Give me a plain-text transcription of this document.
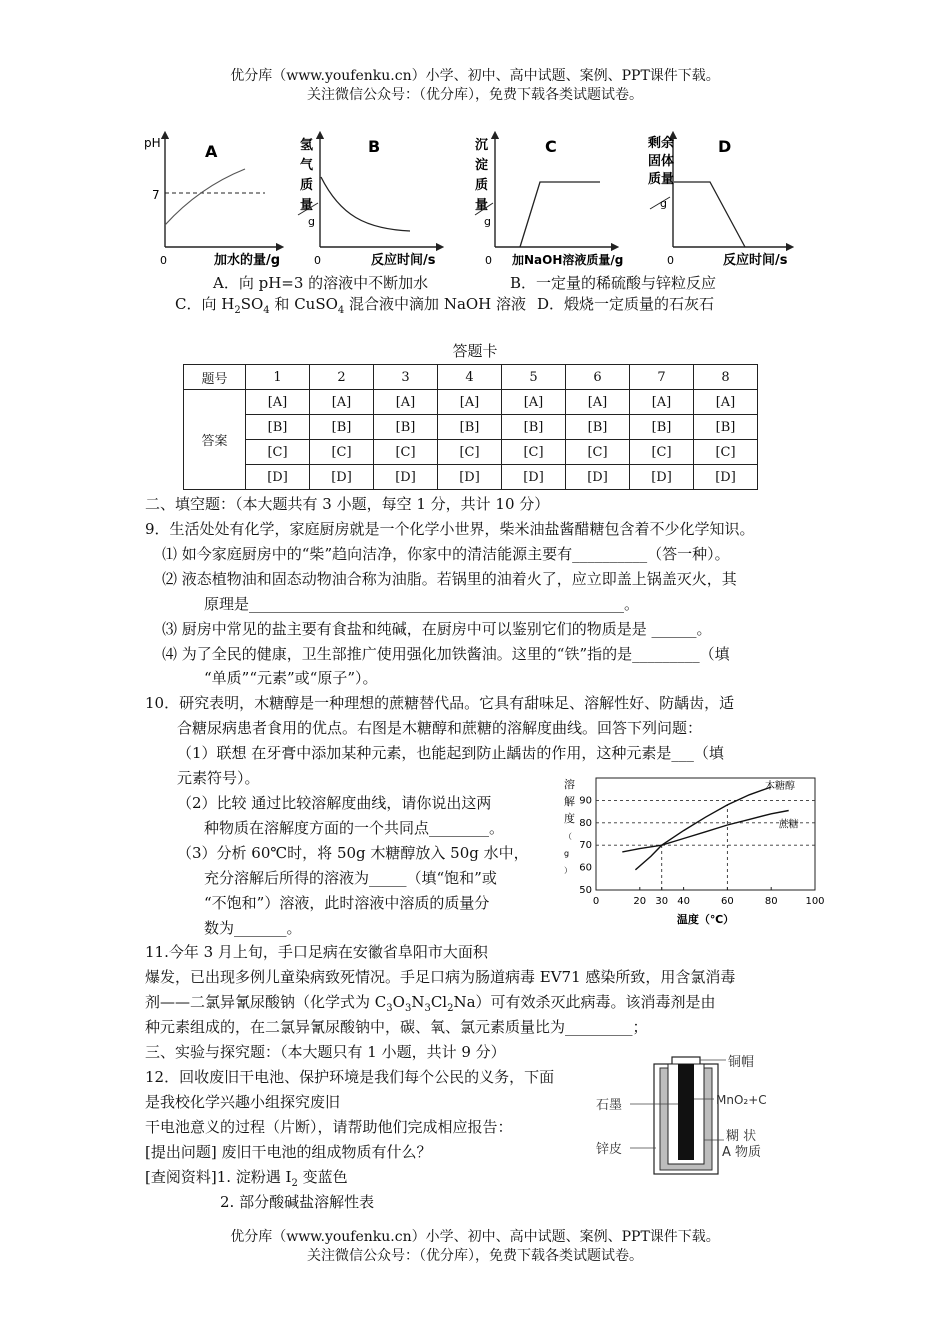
优分库（www.youfenku.cn）小学、初中、高中试题、案例、PPT课件下载。
关注微信公众号：（优分库），免费下载各类试题试卷。
pH	A
7
0	加水的量/g
氢
气
质
量
g
B
0	反应时间/s
沉
淀
质
量
g
C
0 加NaOH溶液质量/g
剩余
固体
质量
g
D
0	反应时间/s
A．向 pH=3 的溶液中不断加水	B．一定量的稀硫酸与锌粒反应
C．向 $H_2SO_4$ 和 CuSO$_4$ 混合液中滴加 NaOH 溶液 D．煅烧一定质量的石灰石
答题卡
题号	1	2	3	4	5	6	7	8
答案	[A]	[A]	[A]	[A]	[A]	[A]	[A]	[A]
	[B]	[B]	[B]	[B]	[B]	[B]	[B]	[B]
	[C]	[C]	[C]	[C]	[C]	[C]	[C]	[C]
	[D]	[D]	[D]	[D]	[D]	[D]	[D]	[D]
二、填空题：（本大题共有 3 小题，每空 1 分，共计 10 分）
9．生活处处有化学，家庭厨房就是一个化学小世界，柴米油盐酱醋糖包含着不少化学知识。
⑴ 如今家庭厨房中的“柴”趋向洁净，你家中的清洁能源主要有__________（答一种）。
⑵ 液态植物油和固态动物油合称为油脂。若锅里的油着火了，应立即盖上锅盖灭火，其
原理是__________________________________________________。
⑶ 厨房中常见的盐主要有食盐和纯碱，在厨房中可以鉴别它们的物质是是 ______。
⑷ 为了全民的健康，卫生部推广使用强化加铁酱油。这里的“铁”指的是_________（填
“单质”“元素”或“原子”）。
10．研究表明，木糖醇是一种理想的蔗糖替代品。它具有甜味足、溶解性好、防龋齿，适
合糖尿病患者食用的优点。右图是木糖醇和蔗糖的溶解度曲线。回答下列问题：
（1）联想 在牙膏中添加某种元素，也能起到防止龋齿的作用，这种元素是___（填
元素符号）。
（2）比较 通过比较溶解度曲线，请你说出这两
种物质在溶解度方面的一个共同点________。
（3）分析 60℃时，将 50g 木糖醇放入 50g 水中，
充分溶解后所得的溶液为_____（填“饱和”或
“不饱和”）溶液，此时溶液中溶质的质量分
数为_______。
0	20 30 40	60	80	100
50
60
70
80
90
溶
解
度
（
g
）
温度（℃）
木糖醇
蔗糖
11.今年 3 月上旬，手口足病在安徽省阜阳市大面积
爆发，已出现多例儿童染病致死情况。手足口病为肠道病毒 EV71 感染所致，用含氯消毒
剂——二氯异氰尿酸钠（化学式为 $C_3O_3N_3Cl_2Na$）可有效杀灭此病毒。该消毒剂是由
种元素组成的，在二氯异氰尿酸钠中，碳、氧、氯元素质量比为_________；
三、实验与探究题：（本大题只有 1 小题，共计 9 分）
12．回收废旧干电池、保护环境是我们每个公民的义务，下面
是我校化学兴趣小组探究废旧
干电池意义的过程（片断），请帮助他们完成相应报告：
[提出问题] 废旧干电池的组成物质有什么？
[查阅资料]1. 淀粉遇 $I_2$ 变蓝色
2. 部分酸碱盐溶解性表
铜帽
石墨	MnO₂+C
糊 状
A 物质
锌皮
优分库（www.youfenku.cn）小学、初中、高中试题、案例、PPT课件下载。
关注微信公众号：（优分库），免费下载各类试题试卷。
